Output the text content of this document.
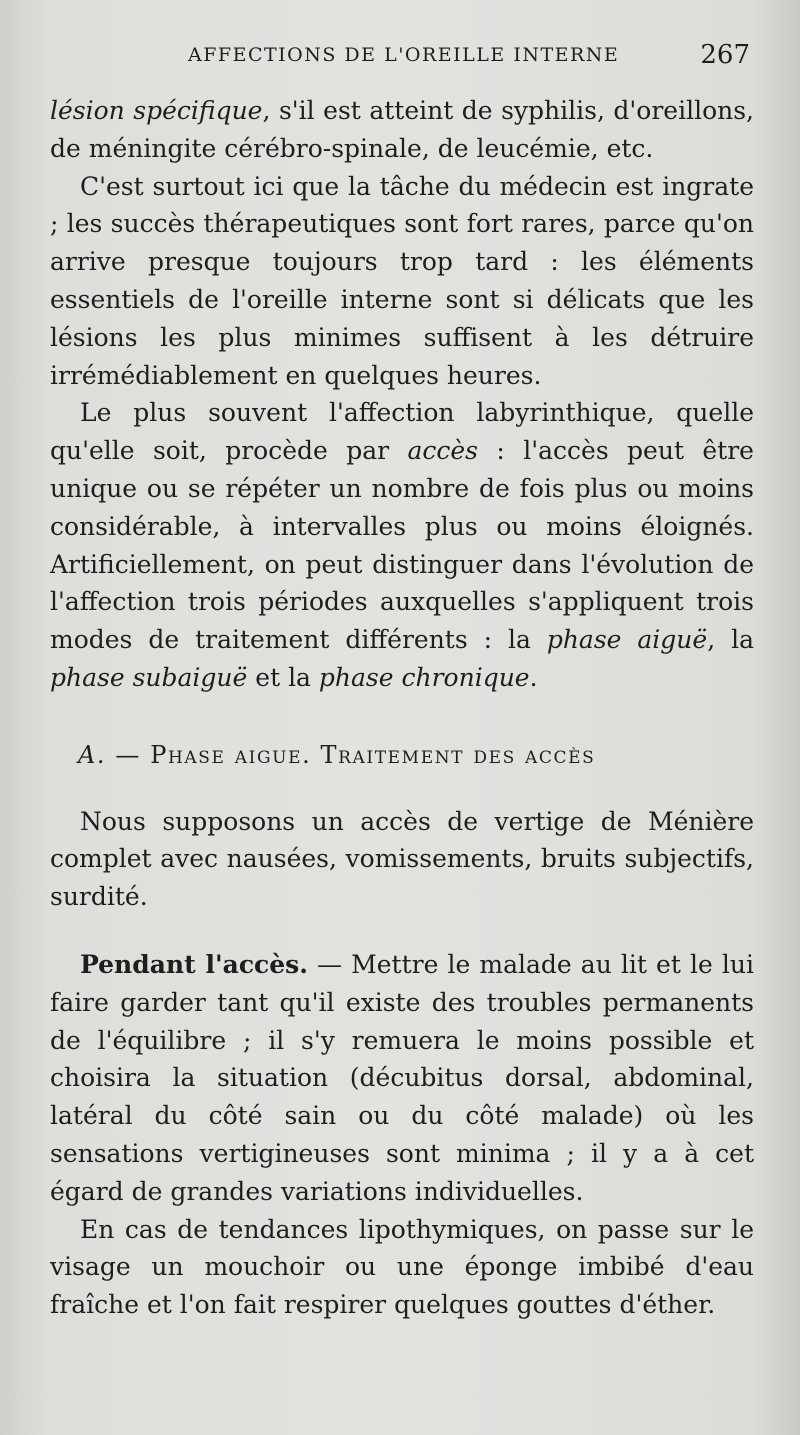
AFFECTIONS DE L'OREILLE INTERNE	267

lésion spécifique, s'il est atteint de syphilis, d'oreillons, de méningite cérébro-spinale, de leucémie, etc.

C'est surtout ici que la tâche du médecin est ingrate ; les succès thérapeutiques sont fort rares, parce qu'on arrive presque toujours trop tard : les éléments essentiels de l'oreille interne sont si délicats que les lésions les plus minimes suffisent à les détruire irrémédiablement en quelques heures.

Le plus souvent l'affection labyrinthique, quelle qu'elle soit, procède par accès : l'accès peut être unique ou se répéter un nombre de fois plus ou moins considérable, à intervalles plus ou moins éloignés. Artificiellement, on peut distinguer dans l'évolution de l'affection trois périodes auxquelles s'appliquent trois modes de traitement différents : la phase aiguë, la phase subaiguë et la phase chronique.

A. — Phase aigue. Traitement des accès

Nous supposons un accès de vertige de Ménière complet avec nausées, vomissements, bruits subjectifs, surdité.

Pendant l'accès. — Mettre le malade au lit et le lui faire garder tant qu'il existe des troubles permanents de l'équilibre ; il s'y remuera le moins possible et choisira la situation (décubitus dorsal, abdominal, latéral du côté sain ou du côté malade) où les sensations vertigineuses sont minima ; il y a à cet égard de grandes variations individuelles.

En cas de tendances lipothymiques, on passe sur le visage un mouchoir ou une éponge imbibé d'eau fraîche et l'on fait respirer quelques gouttes d'éther.
